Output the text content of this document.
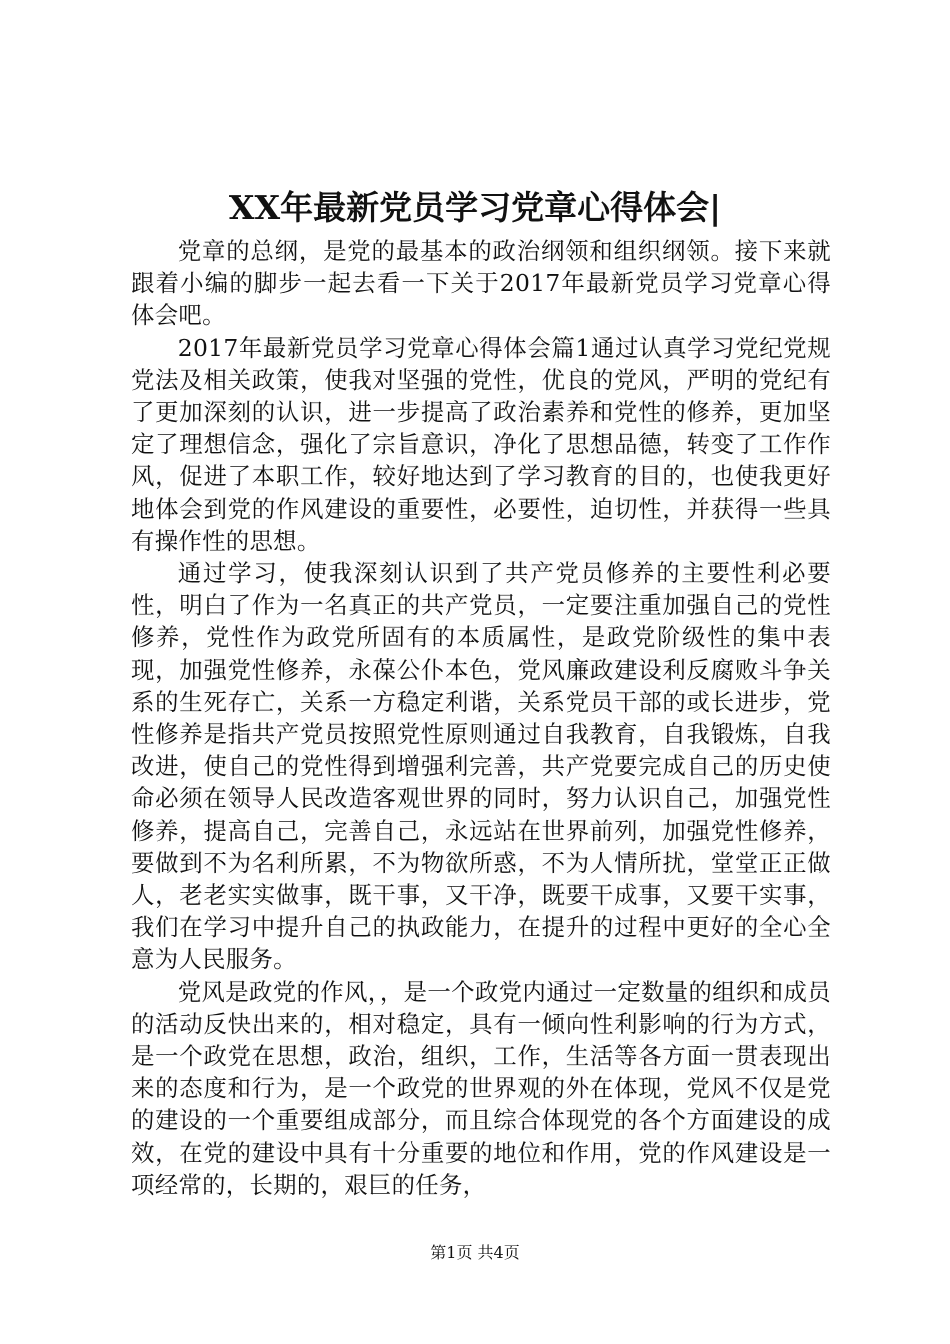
XX年最新党员学习党章心得体会|

党章的总纲，是党的最基本的政治纲领和组织纲领。接下来就跟着小编的脚步一起去看一下关于2017年最新党员学习党章心得体会吧。

2017年最新党员学习党章心得体会篇1通过认真学习党纪党规党法及相关政策，使我对坚强的党性，优良的党风，严明的党纪有了更加深刻的认识，进一步提高了政治素养和党性的修养，更加坚定了理想信念，强化了宗旨意识，净化了思想品德，转变了工作作风，促进了本职工作，较好地达到了学习教育的目的，也使我更好地体会到党的作风建设的重要性，必要性，迫切性，并获得一些具有操作性的思想。

通过学习，使我深刻认识到了共产党员修养的主要性利必要性，明白了作为一名真正的共产党员，一定要注重加强自己的党性修养，党性作为政党所固有的本质属性，是政党阶级性的集中表现，加强党性修养，永葆公仆本色，党风廉政建设利反腐败斗争关系的生死存亡，关系一方稳定利谐，关系党员干部的或长进步，党性修养是指共产党员按照党性原则通过自我教育，自我锻炼，自我改进，使自己的党性得到增强利完善，共产党要完成自己的历史使命必须在领导人民改造客观世界的同时，努力认识自己，加强党性修养，提高自己，完善自己，永远站在世界前列，加强党性修养，要做到不为名利所累，不为物欲所惑，不为人情所扰，堂堂正正做人，老老实实做事，既干事，又干净，既要干成事，又要干实事，我们在学习中提升自己的执政能力，在提升的过程中更好的全心全意为人民服务。

党风是政党的作风，，是一个政党内通过一定数量的组织和成员的活动反快出来的，相对稳定，具有一倾向性利影响的行为方式，是一个政党在思想，政治，组织，工作，生活等各方面一贯表现出来的态度和行为，是一个政党的世界观的外在体现，党风不仅是党的建设的一个重要组成部分，而且综合体现党的各个方面建设的成效，在党的建设中具有十分重要的地位和作用，党的作风建设是一项经常的，长期的，艰巨的任务，

第1页 共4页
